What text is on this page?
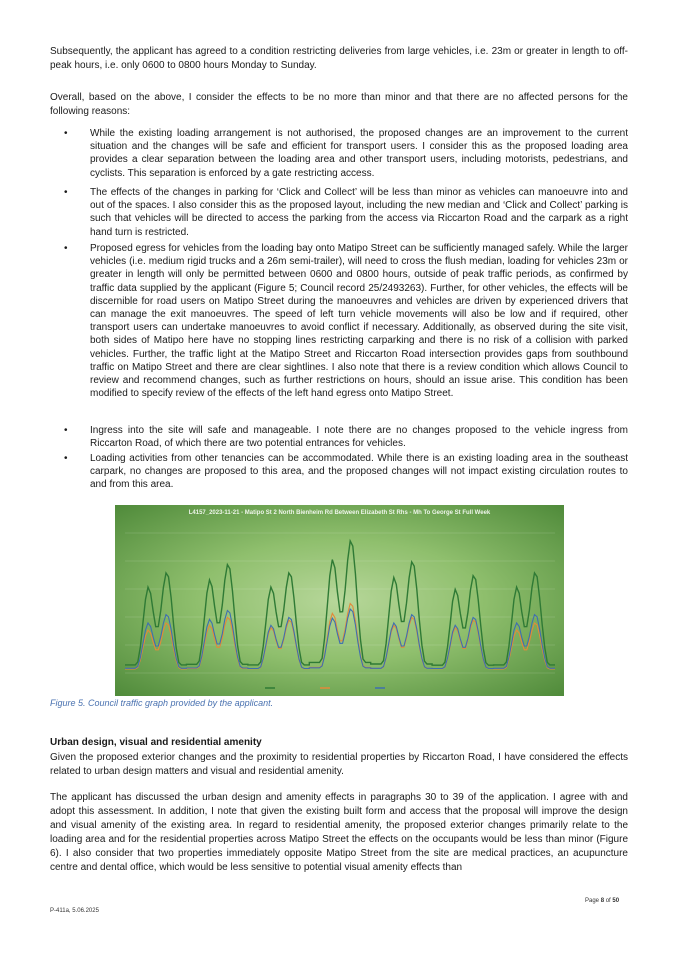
Subsequently, the applicant has agreed to a condition restricting deliveries from large vehicles, i.e. 23m or greater in length to off-peak hours, i.e. only 0600 to 0800 hours Monday to Sunday.

Overall, based on the above, I consider the effects to be no more than minor and that there are no affected persons for the following reasons:

• While the existing loading arrangement is not authorised, the proposed changes are an improvement to the current situation and the changes will be safe and efficient for transport users. I consider this as the proposed loading area provides a clear separation between the loading area and other transport users, including motorists, pedestrians, and cyclists. This separation is enforced by a gate restricting access.
• The effects of the changes in parking for ‘Click and Collect’ will be less than minor as vehicles can manoeuvre into and out of the spaces. I also consider this as the proposed layout, including the new median and ‘Click and Collect’ parking is such that vehicles will be directed to access the parking from the access via Riccarton Road and the carpark as a right hand turn is restricted.
• Proposed egress for vehicles from the loading bay onto Matipo Street can be sufficiently managed safely. While the larger vehicles (i.e. medium rigid trucks and a 26m semi-trailer), will need to cross the flush median, loading for vehicles 23m or greater in length will only be permitted between 0600 and 0800 hours, outside of peak traffic periods, as confirmed by traffic data supplied by the applicant (Figure 5; Council record 25/2493263). Further, for other vehicles, the effects will be discernible for road users on Matipo Street during the manoeuvres and vehicles are driven by experienced drivers that can manage the exit manoeuvres. The speed of left turn vehicle movements will also be low and if required, other transport users can undertake manoeuvres to avoid conflict if necessary. Additionally, as observed during the site visit, both sides of Matipo here have no stopping lines restricting carparking and there is no risk of a collision with parked vehicles. Further, the traffic light at the Matipo Street and Riccarton Road intersection provides gaps from southbound traffic on Matipo Street and there are clear sightlines. I also note that there is a review condition which allows Council to review and recommend changes, such as further restrictions on hours, should an issue arise. This condition has been modified to specify review of the effects of the left hand egress onto Matipo Street.
• Ingress into the site will safe and manageable. I note there are no changes proposed to the vehicle ingress from Riccarton Road, of which there are two potential entrances for vehicles.
• Loading activities from other tenancies can be accommodated. While there is an existing loading area in the southeast carpark, no changes are proposed to this area, and the proposed changes will not impact existing circulation routes to and from this area.
L4157_2023-11-21 - Matipo St 2 North Bienheim Rd Between Elizabeth St Rhs - Mh To George St Full Week
Figure 5. Council traffic graph provided by the applicant.
Urban design, visual and residential amenity

Given the proposed exterior changes and the proximity to residential properties by Riccarton Road, I have considered the effects related to urban design matters and visual and residential amenity.

The applicant has discussed the urban design and amenity effects in paragraphs 30 to 39 of the application. I agree with and adopt this assessment. In addition, I note that given the existing built form and access that the proposal will improve the design and visual amenity of the existing area. In regard to residential amenity, the proposed exterior changes primarily relate to the loading area and for the residential properties across Matipo Street the effects on the occupants would be less than minor (Figure 6). I also consider that two properties immediately opposite Matipo Street from the site are medical practices, an acupuncture centre and dental office, which would be less sensitive to potential visual amenity effects than

Page 8 of 50
P-411a, 5.06.2025
